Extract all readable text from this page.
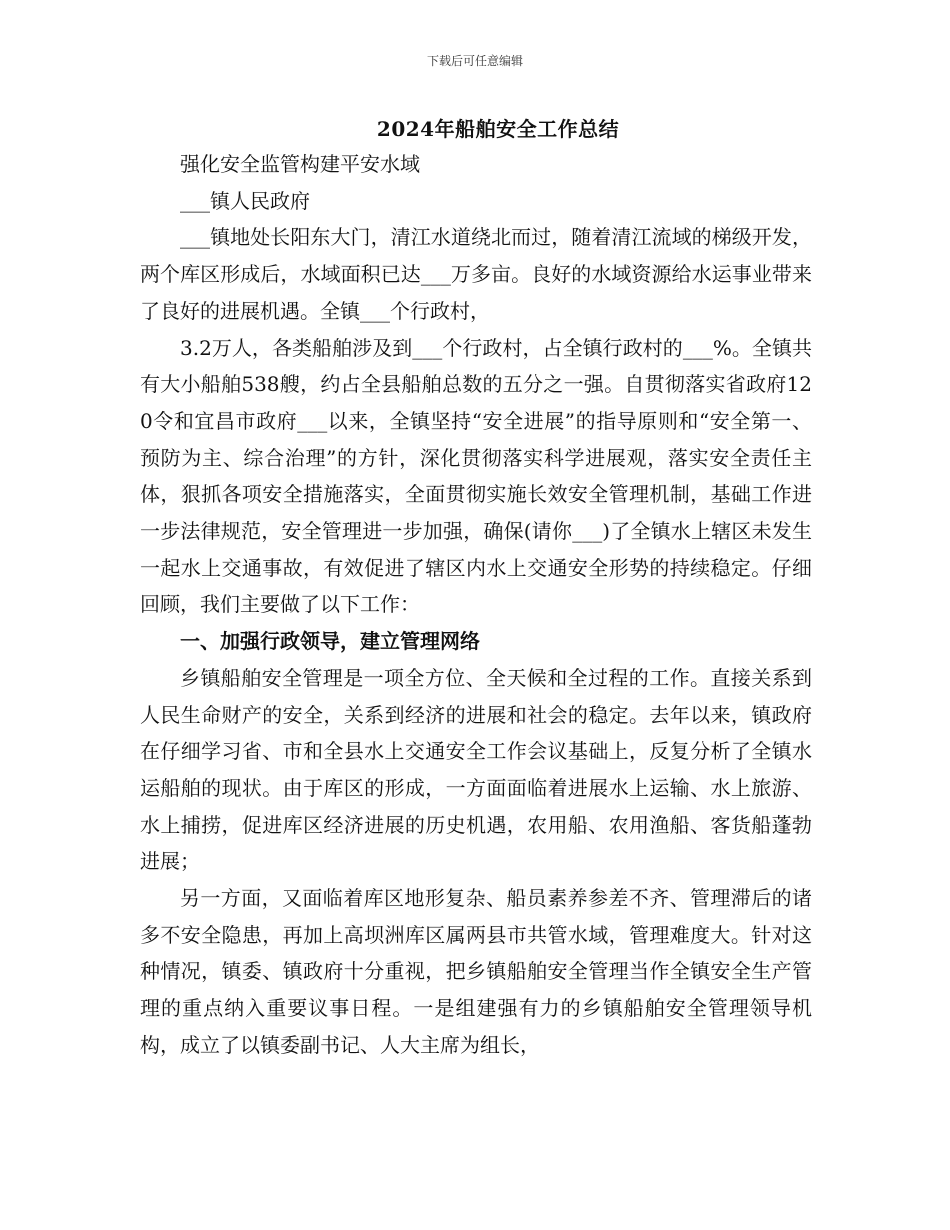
下载后可任意编辑
2024年船舶安全工作总结

强化安全监管构建平安水域

___镇人民政府

___镇地处长阳东大门，清江水道绕北而过，随着清江流域的梯级开发，两个库区形成后，水域面积已达___万多亩。良好的水域资源给水运事业带来了良好的进展机遇。全镇___个行政村，

3.2万人，各类船舶涉及到___个行政村，占全镇行政村的___%。全镇共有大小船舶538艘，约占全县船舶总数的五分之一强。自贯彻落实省政府120令和宜昌市政府___以来，全镇坚持“安全进展”的指导原则和“安全第一、预防为主、综合治理”的方针，深化贯彻落实科学进展观，落实安全责任主体，狠抓各项安全措施落实，全面贯彻实施长效安全管理机制，基础工作进一步法律规范，安全管理进一步加强，确保(请你___)了全镇水上辖区未发生一起水上交通事故，有效促进了辖区内水上交通安全形势的持续稳定。仔细回顾，我们主要做了以下工作：

一、加强行政领导，建立管理网络

乡镇船舶安全管理是一项全方位、全天候和全过程的工作。直接关系到人民生命财产的安全，关系到经济的进展和社会的稳定。去年以来，镇政府在仔细学习省、市和全县水上交通安全工作会议基础上，反复分析了全镇水运船舶的现状。由于库区的形成，一方面面临着进展水上运输、水上旅游、水上捕捞，促进库区经济进展的历史机遇，农用船、农用渔船、客货船蓬勃进展；

另一方面，又面临着库区地形复杂、船员素养参差不齐、管理滞后的诸多不安全隐患，再加上高坝洲库区属两县市共管水域，管理难度大。针对这种情况，镇委、镇政府十分重视，把乡镇船舶安全管理当作全镇安全生产管理的重点纳入重要议事日程。一是组建强有力的乡镇船舶安全管理领导机构，成立了以镇委副书记、人大主席为组长，
